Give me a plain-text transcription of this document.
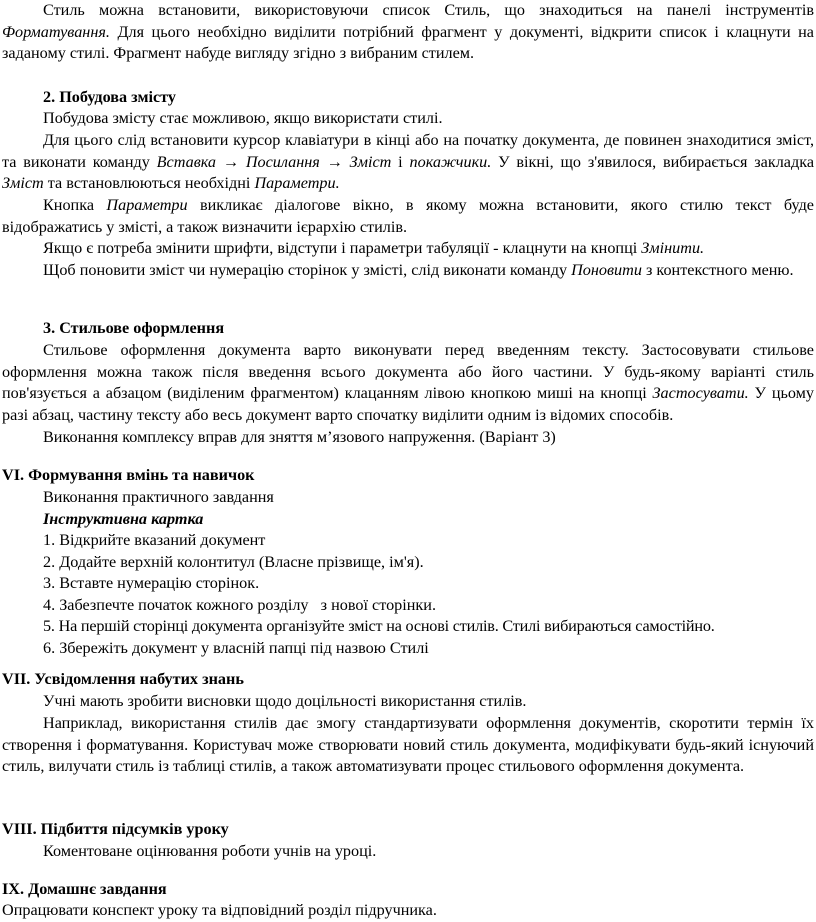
Стиль можна встановити, використовуючи список Стиль, що знаходиться на панелі інструментів Форматування. Для цього необхідно виділити потрібний фрагмент у документі, відкрити список і клацнути на заданому стилі. Фрагмент набуде вигляду згідно з вибраним стилем.

2. Побудова змісту

Побудова змісту стає можливою, якщо використати стилі.

Для цього слід встановити курсор клавіатури в кінці або на початку документа, де повинен знаходитися зміст, та виконати команду Вставка → Посилання → Зміст і покажчики. У вікні, що з'явилося, вибирається закладка Зміст та встановлюються необхідні Параметри.

Кнопка Параметри викликає діалогове вікно, в якому можна встановити, якого стилю текст буде відображатись у змісті, а також визначити ієрархію стилів.

Якщо є потреба змінити шрифти, відступи і параметри табуляції - клацнути на кнопці Змінити.

Щоб поновити зміст чи нумерацію сторінок у змісті, слід виконати команду Поновити з контекстного меню.

3. Стильове оформлення

Стильове оформлення документа варто виконувати перед введенням тексту. Застосовувати стильове оформлення можна також після введення всього документа або його частини. У будь-якому варіанті стиль пов'язується а абзацом (виділеним фрагментом) клацанням лівою кнопкою миші на кнопці Застосувати. У цьому разі абзац, частину тексту або весь документ варто спочатку виділити одним із відомих способів.

Виконання комплексу вправ для зняття м’язового напруження. (Варіант 3)

VI. Формування вмінь та навичок

Виконання практичного завдання

Інструктивна картка

1. Відкрийте вказаний документ

2. Додайте верхній колонтитул (Власне прізвище, ім'я).

3. Вставте нумерацію сторінок.

4. Забезпечте початок кожного розділу   з нової сторінки.

5. На першій сторінці документа організуйте зміст на основі стилів. Стилі вибираються самостійно.

6. Збережіть документ у власній папці під назвою Стилі

VII. Усвідомлення набутих знань

Учні мають зробити висновки щодо доцільності використання стилів.

Наприклад, використання стилів дає змогу стандартизувати оформлення документів, скоротити термін їх створення і форматування. Користувач може створювати новий стиль документа, модифікувати будь-який існуючий стиль, вилучати стиль із таблиці стилів, а також автоматизувати процес стильового оформлення документа.

VIII. Підбиття підсумків уроку

Коментоване оцінювання роботи учнів на уроці.

IX. Домашнє завдання

Опрацювати конспект уроку та відповідний розділ підручника.
